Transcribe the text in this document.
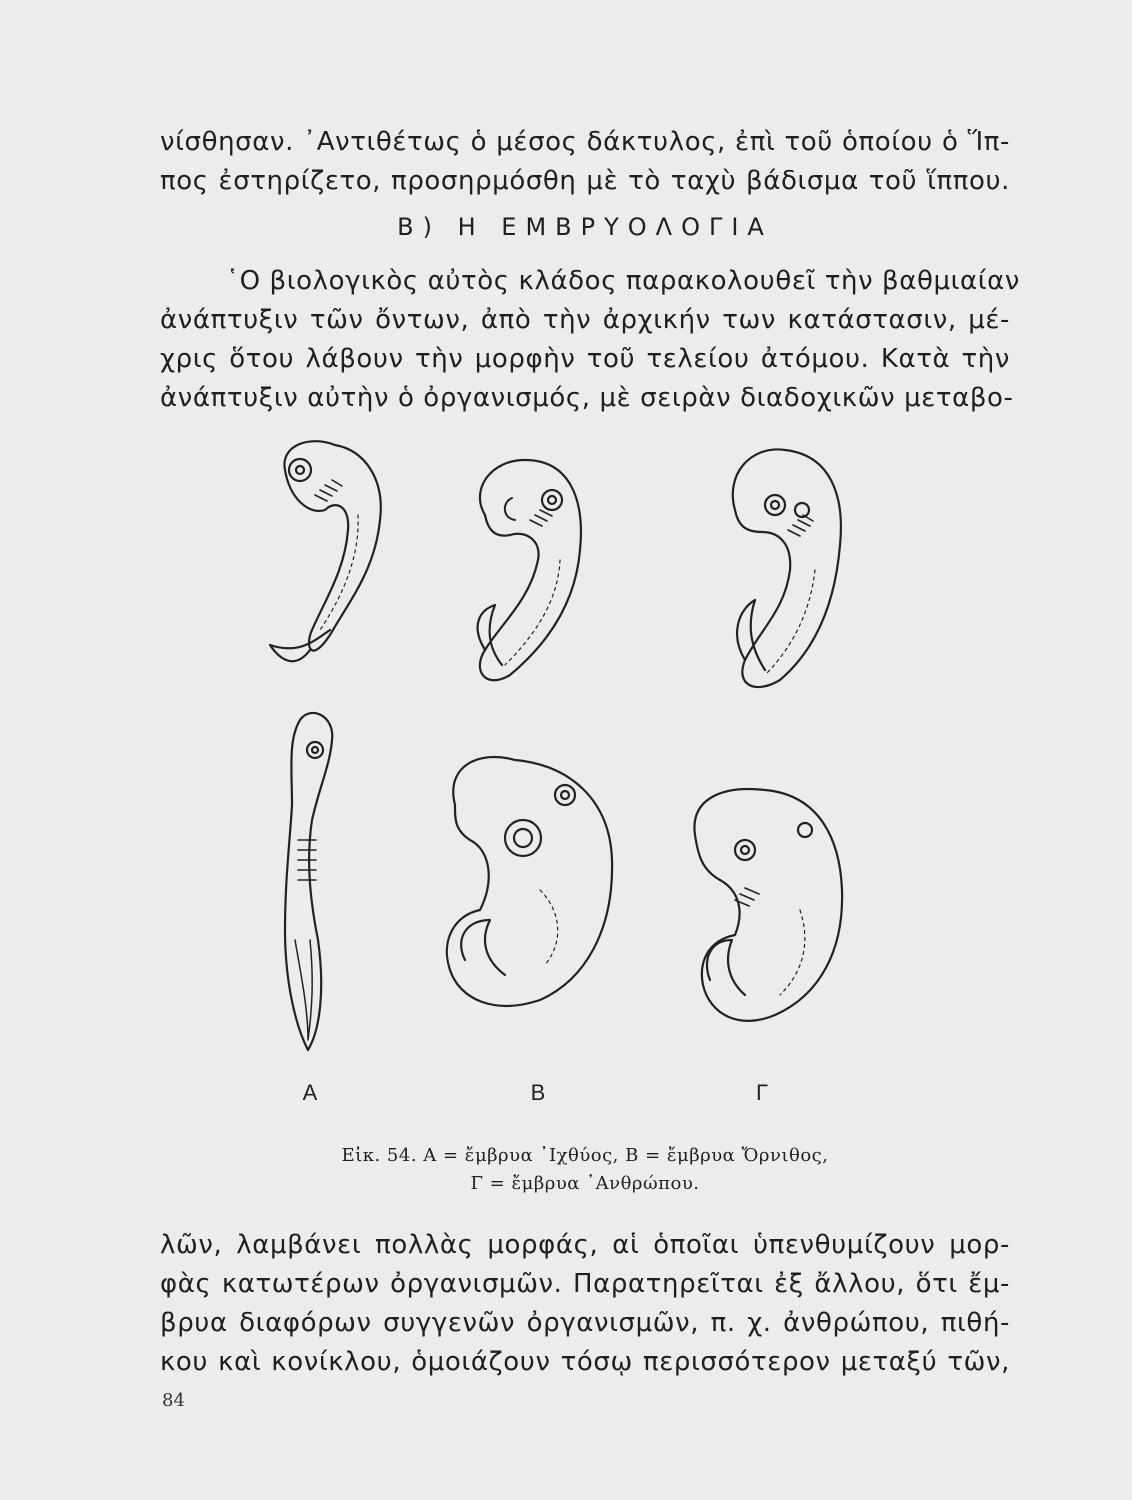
νίσθησαν. ᾿Αντιθέτως ὁ μέσος δάκτυλος, ἐπὶ τοῦ ὁποίου ὁ Ἵπ-
πος ἐστηρίζετο, προσηρμόσθη μὲ τὸ ταχὺ βάδισμα τοῦ ἵππου.
Β) Η ΕΜΒΡΥΟΛΟΓΙΑ
῾Ο βιολογικὸς αὐτὸς κλάδος παρακολουθεῖ τὴν βαθμιαίαν
ἀνάπτυξιν τῶν ὄντων, ἀπὸ τὴν ἀρχικήν των κατάστασιν, μέ-
χρις ὅτου λάβουν τὴν μορφὴν τοῦ τελείου ἀτόμου. Κατὰ τὴν
ἀνάπτυξιν αὐτὴν ὁ ὀργανισμός, μὲ σειρὰν διαδοχικῶν μεταβο-
Α	Β	Γ
Εἰκ. 54. Α = ἔμβρυα ᾿Ιχθύος, Β = ἔμβρυα Ὄρνιθος,
Γ = ἔμβρυα ᾿Ανθρώπου.
λῶν, λαμβάνει πολλὰς μορφάς, αἱ ὁποῖαι ὑπενθυμίζουν μορ-
φὰς κατωτέρων ὀργανισμῶν. Παρατηρεῖται ἐξ ἄλλου, ὅτι ἔμ-
βρυα διαφόρων συγγενῶν ὀργανισμῶν, π. χ. ἀνθρώπου, πιθή-
κου καὶ κονίκλου, ὁμοιάζουν τόσῳ περισσότερον μεταξύ τῶν,
84
